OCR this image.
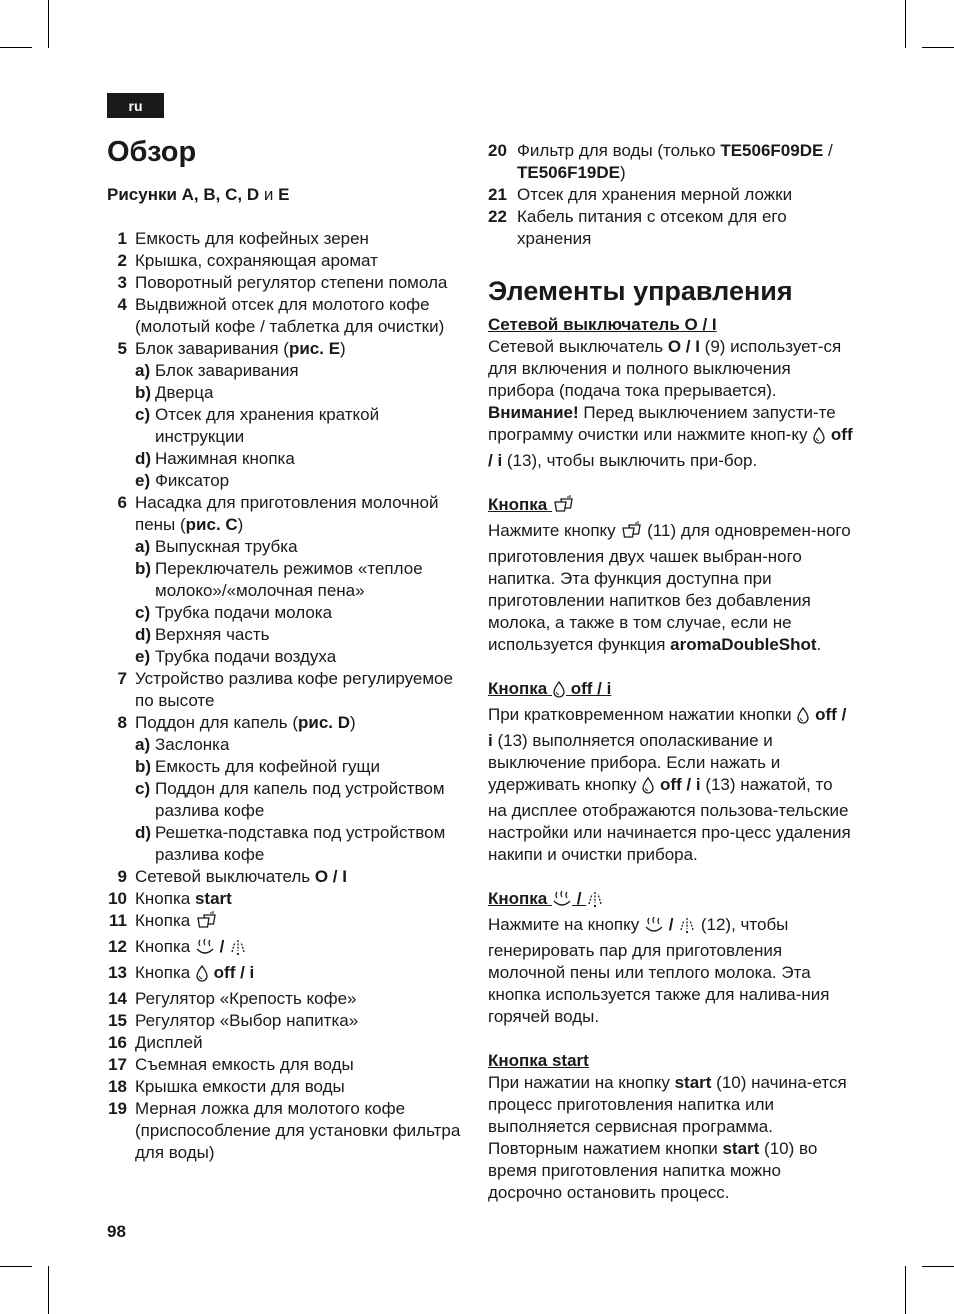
ru
Обзор
Рисунки A, B, C, D и E
1 Емкость для кофейных зерен
2 Крышка, сохраняющая аромат
3 Поворотный регулятор степени помола
4 Выдвижной отсек для молотого кофе (молотый кофе / таблетка для очистки)
5 Блок заваривания (рис. E)
a) Блок заваривания
b) Дверца
c) Отсек для хранения краткой инструкции
d) Нажимная кнопка
e) Фиксатор
6 Насадка для приготовления молочной пены (рис. C)
a) Выпускная трубка
b) Переключатель режимов «теплое молоко»/«молочная пена»
c) Трубка подачи молока
d) Верхняя часть
e) Трубка подачи воздуха
7 Устройство разлива кофе регулируемое по высоте
8 Поддон для капель (рис. D)
a) Заслонка
b) Емкость для кофейной гущи
c) Поддон для капель под устройством разлива кофе
d) Решетка-подставка под устройством разлива кофе
9 Сетевой выключатель O / I
10 Кнопка start
11 Кнопка
12 Кнопка  /
13 Кнопка  off / i
14 Регулятор «Крепость кофе»
15 Регулятор «Выбор напитка»
16 Дисплей
17 Съемная емкость для воды
18 Крышка емкости для воды
19 Мерная ложка для молотого кофе (приспособление для установки фильтра для воды)
20 Фильтр для воды (только TE506F09DE / TE506F19DE)
21 Отсек для хранения мерной ложки
22 Кабель питания с отсеком для его хранения
Элементы управления
Сетевой выключатель O / I
Сетевой выключатель O / I (9) использует-ся для включения и полного выключения прибора (подача тока прерывается). Внимание! Перед выключением запусти-те программу очистки или нажмите кноп-ку  off / i (13), чтобы выключить при-бор.
Кнопка
Нажмите кнопку  (11) для одновремен-ного приготовления двух чашек выбран-ного напитка. Эта функция доступна при приготовлении напитков без добавления молока, а также в том случае, если не используется функция aromaDoubleShot.
Кнопка  off / i
При кратковременном нажатии кнопки  off / i (13) выполняется ополаскивание и выключение прибора. Если нажать и удерживать кнопку  off / i (13) нажатой, то на дисплее отображаются пользова-тельские настройки или начинается про-цесс удаления накипи и очистки прибора.
Кнопка  /
Нажмите на кнопку  /  (12), чтобы генерировать пар для приготовления молочной пены или теплого молока. Эта кнопка используется также для налива-ния горячей воды.
Кнопка start
При нажатии на кнопку start (10) начина-ется процесс приготовления напитка или выполняется сервисная программа. Повторным нажатием кнопки start (10) во время приготовления напитка можно досрочно остановить процесс.
98
